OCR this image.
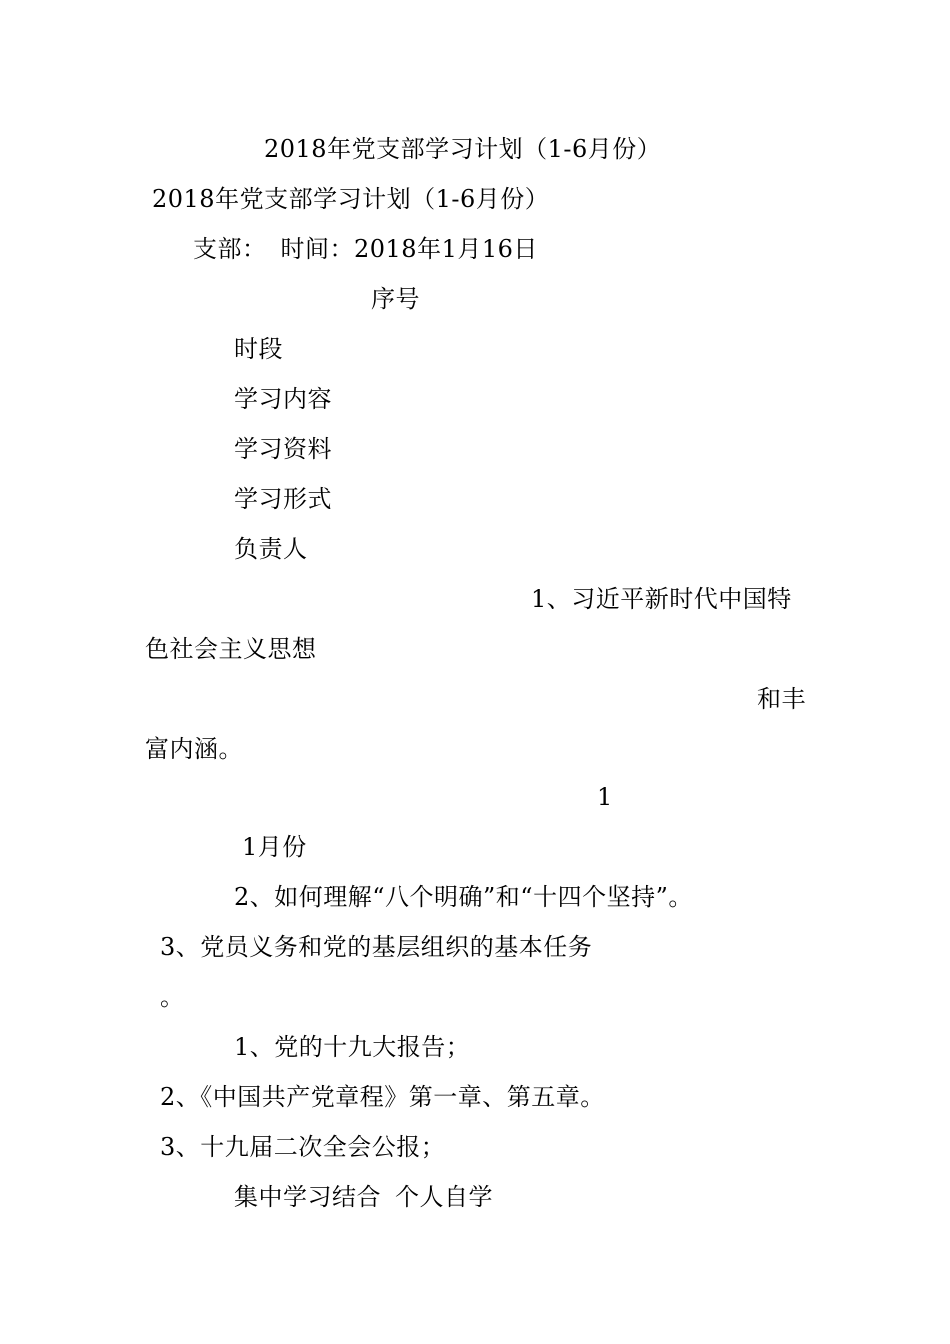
2018年党支部学习计划（1-6月份）
2018年党支部学习计划（1-6月份）
支部： 时间：2018年1月16日
序号
时段
学习内容
学习资料
学习形式
负责人
1、习近平新时代中国特
色社会主义思想
和丰
富内涵。
1
1月份
2、如何理解“八个明确”和“十四个坚持”。
3、党员义务和党的基层组织的基本任务
。
1、党的十九大报告；
2、《中国共产党章程》第一章、第五章。
3、十九届二次全会公报；
集中学习结合 个人自学
